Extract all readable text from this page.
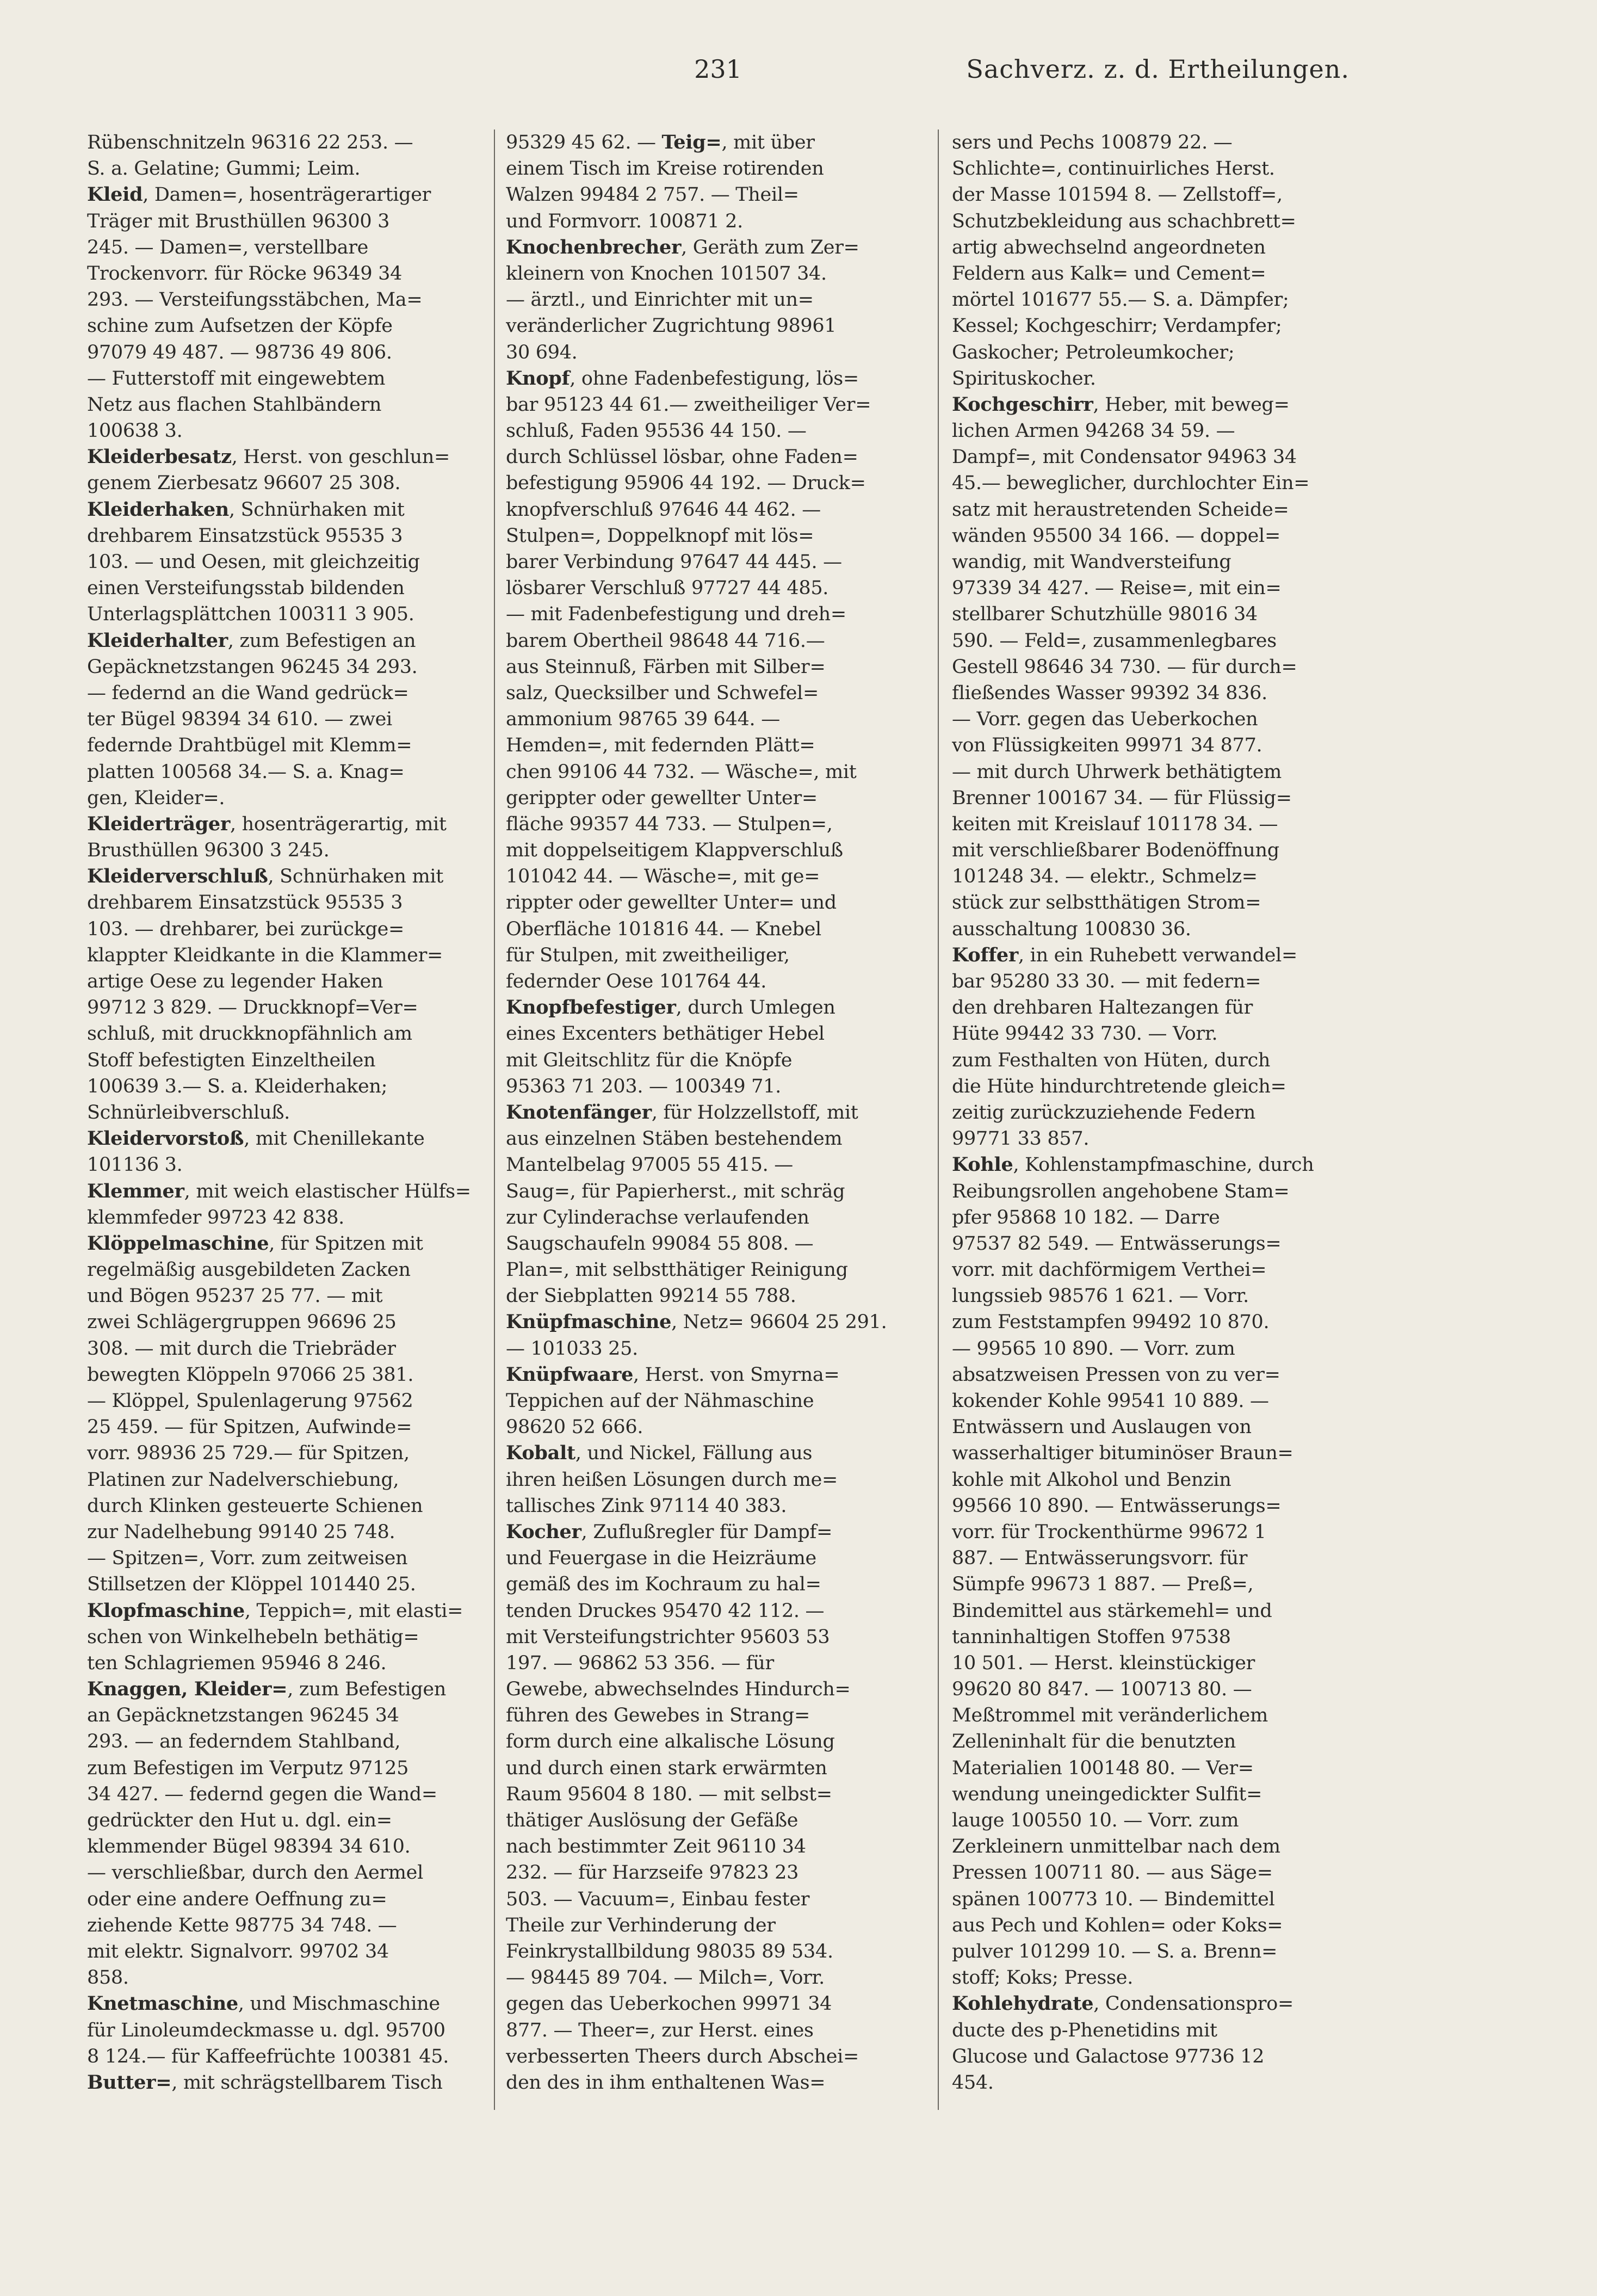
231	Sachverz. z. d. Ertheilungen.
Rübenschnitzeln 96316 22 253. —
S. a. Gelatine; Gummi; Leim.
Kleid, Damen=, hosenträgerartiger
Träger mit Brusthüllen 96300 3
245. — Damen=, verstellbare
Trockenvorr. für Röcke 96349 34
293. — Versteifungsstäbchen, Ma=
schine zum Aufsetzen der Köpfe
97079 49 487. — 98736 49 806.
— Futterstoff mit eingewebtem
Netz aus flachen Stahlbändern
100638 3.
Kleiderbesatz, Herst. von geschlun=
genem Zierbesatz 96607 25 308.
Kleiderhaken, Schnürhaken mit
drehbarem Einsatzstück 95535 3
103. — und Oesen, mit gleichzeitig
einen Versteifungsstab bildenden
Unterlagsplättchen 100311 3 905.
Kleiderhalter, zum Befestigen an
Gepäcknetzstangen 96245 34 293.
— federnd an die Wand gedrück=
ter Bügel 98394 34 610. — zwei
federnde Drahtbügel mit Klemm=
platten 100568 34.— S. a. Knag=
gen, Kleider=.
Kleiderträger, hosenträgerartig, mit
Brusthüllen 96300 3 245.
Kleiderverschluß, Schnürhaken mit
drehbarem Einsatzstück 95535 3
103. — drehbarer, bei zurückge=
klappter Kleidkante in die Klammer=
artige Oese zu legender Haken
99712 3 829. — Druckknopf=Ver=
schluß, mit druckknopfähnlich am
Stoff befestigten Einzeltheilen
100639 3.— S. a. Kleiderhaken;
Schnürleibverschluß.
Kleidervorstoß, mit Chenillekante
101136 3.
Klemmer, mit weich elastischer Hülfs=
klemmfeder 99723 42 838.
Klöppelmaschine, für Spitzen mit
regelmäßig ausgebildeten Zacken
und Bögen 95237 25 77. — mit
zwei Schlägergruppen 96696 25
308. — mit durch die Triebräder
bewegten Klöppeln 97066 25 381.
— Klöppel, Spulenlagerung 97562
25 459. — für Spitzen, Aufwinde=
vorr. 98936 25 729.— für Spitzen,
Platinen zur Nadelverschiebung,
durch Klinken gesteuerte Schienen
zur Nadelhebung 99140 25 748.
— Spitzen=, Vorr. zum zeitweisen
Stillsetzen der Klöppel 101440 25.
Klopfmaschine, Teppich=, mit elasti=
schen von Winkelhebeln bethätig=
ten Schlagriemen 95946 8 246.
Knaggen, Kleider=, zum Befestigen
an Gepäcknetzstangen 96245 34
293. — an federndem Stahlband,
zum Befestigen im Verputz 97125
34 427. — federnd gegen die Wand=
gedrückter den Hut u. dgl. ein=
klemmender Bügel 98394 34 610.
— verschließbar, durch den Aermel
oder eine andere Oeffnung zu=
ziehende Kette 98775 34 748. —
mit elektr. Signalvorr. 99702 34
858.
Knetmaschine, und Mischmaschine
für Linoleumdeckmasse u. dgl. 95700
8 124.— für Kaffeefrüchte 100381 45.
Butter=, mit schrägstellbarem Tisch
95329 45 62. — Teig=, mit über
einem Tisch im Kreise rotirenden
Walzen 99484 2 757. — Theil=
und Formvorr. 100871 2.
Knochenbrecher, Geräth zum Zer=
kleinern von Knochen 101507 34.
— ärztl., und Einrichter mit un=
veränderlicher Zugrichtung 98961
30 694.
Knopf, ohne Fadenbefestigung, lös=
bar 95123 44 61.— zweitheiliger Ver=
schluß, Faden 95536 44 150. —
durch Schlüssel lösbar, ohne Faden=
befestigung 95906 44 192. — Druck=
knopfverschluß 97646 44 462. —
Stulpen=, Doppelknopf mit lös=
barer Verbindung 97647 44 445. —
lösbarer Verschluß 97727 44 485.
— mit Fadenbefestigung und dreh=
barem Obertheil 98648 44 716.—
aus Steinnuß, Färben mit Silber=
salz, Quecksilber und Schwefel=
ammonium 98765 39 644. —
Hemden=, mit federnden Plätt=
chen 99106 44 732. — Wäsche=, mit
gerippter oder gewellter Unter=
fläche 99357 44 733. — Stulpen=,
mit doppelseitigem Klappverschluß
101042 44. — Wäsche=, mit ge=
rippter oder gewellter Unter= und
Oberfläche 101816 44. — Knebel
für Stulpen, mit zweitheiliger,
federnder Oese 101764 44.
Knopfbefestiger, durch Umlegen
eines Excenters bethätiger Hebel
mit Gleitschlitz für die Knöpfe
95363 71 203. — 100349 71.
Knotenfänger, für Holzzellstoff, mit
aus einzelnen Stäben bestehendem
Mantelbelag 97005 55 415. —
Saug=, für Papierherst., mit schräg
zur Cylinderachse verlaufenden
Saugschaufeln 99084 55 808. —
Plan=, mit selbstthätiger Reinigung
der Siebplatten 99214 55 788.
Knüpfmaschine, Netz= 96604 25 291.
— 101033 25.
Knüpfwaare, Herst. von Smyrna=
Teppichen auf der Nähmaschine
98620 52 666.
Kobalt, und Nickel, Fällung aus
ihren heißen Lösungen durch me=
tallisches Zink 97114 40 383.
Kocher, Zuflußregler für Dampf=
und Feuergase in die Heizräume
gemäß des im Kochraum zu hal=
tenden Druckes 95470 42 112. —
mit Versteifungstrichter 95603 53
197. — 96862 53 356. — für
Gewebe, abwechselndes Hindurch=
führen des Gewebes in Strang=
form durch eine alkalische Lösung
und durch einen stark erwärmten
Raum 95604 8 180. — mit selbst=
thätiger Auslösung der Gefäße
nach bestimmter Zeit 96110 34
232. — für Harzseife 97823 23
503. — Vacuum=, Einbau fester
Theile zur Verhinderung der
Feinkrystallbildung 98035 89 534.
— 98445 89 704. — Milch=, Vorr.
gegen das Ueberkochen 99971 34
877. — Theer=, zur Herst. eines
verbesserten Theers durch Abschei=
den des in ihm enthaltenen Was=
sers und Pechs 100879 22. —
Schlichte=, continuirliches Herst.
der Masse 101594 8. — Zellstoff=,
Schutzbekleidung aus schachbrett=
artig abwechselnd angeordneten
Feldern aus Kalk= und Cement=
mörtel 101677 55.— S. a. Dämpfer;
Kessel; Kochgeschirr; Verdampfer;
Gaskocher; Petroleumkocher;
Spirituskocher.
Kochgeschirr, Heber, mit beweg=
lichen Armen 94268 34 59. —
Dampf=, mit Condensator 94963 34
45.— beweglicher, durchlochter Ein=
satz mit heraustretenden Scheide=
wänden 95500 34 166. — doppel=
wandig, mit Wandversteifung
97339 34 427. — Reise=, mit ein=
stellbarer Schutzhülle 98016 34
590. — Feld=, zusammenlegbares
Gestell 98646 34 730. — für durch=
fließendes Wasser 99392 34 836.
— Vorr. gegen das Ueberkochen
von Flüssigkeiten 99971 34 877.
— mit durch Uhrwerk bethätigtem
Brenner 100167 34. — für Flüssig=
keiten mit Kreislauf 101178 34. —
mit verschließbarer Bodenöffnung
101248 34. — elektr., Schmelz=
stück zur selbstthätigen Strom=
ausschaltung 100830 36.
Koffer, in ein Ruhebett verwandel=
bar 95280 33 30. — mit federn=
den drehbaren Haltezangen für
Hüte 99442 33 730. — Vorr.
zum Festhalten von Hüten, durch
die Hüte hindurchtretende gleich=
zeitig zurückzuziehende Federn
99771 33 857.
Kohle, Kohlenstampfmaschine, durch
Reibungsrollen angehobene Stam=
pfer 95868 10 182. — Darre
97537 82 549. — Entwässerungs=
vorr. mit dachförmigem Verthei=
lungssieb 98576 1 621. — Vorr.
zum Feststampfen 99492 10 870.
— 99565 10 890. — Vorr. zum
absatzweisen Pressen von zu ver=
kokender Kohle 99541 10 889. —
Entwässern und Auslaugen von
wasserhaltiger bituminöser Braun=
kohle mit Alkohol und Benzin
99566 10 890. — Entwässerungs=
vorr. für Trockenthürme 99672 1
887. — Entwässerungsvorr. für
Sümpfe 99673 1 887. — Preß=,
Bindemittel aus stärkemehl= und
tanninhaltigen Stoffen 97538
10 501. — Herst. kleinstückiger
99620 80 847. — 100713 80. —
Meßtrommel mit veränderlichem
Zelleninhalt für die benutzten
Materialien 100148 80. — Ver=
wendung uneingedickter Sulfit=
lauge 100550 10. — Vorr. zum
Zerkleinern unmittelbar nach dem
Pressen 100711 80. — aus Säge=
spänen 100773 10. — Bindemittel
aus Pech und Kohlen= oder Koks=
pulver 101299 10. — S. a. Brenn=
stoff; Koks; Presse.
Kohlehydrate, Condensationspro=
ducte des p-Phenetidins mit
Glucose und Galactose 97736 12
454.
